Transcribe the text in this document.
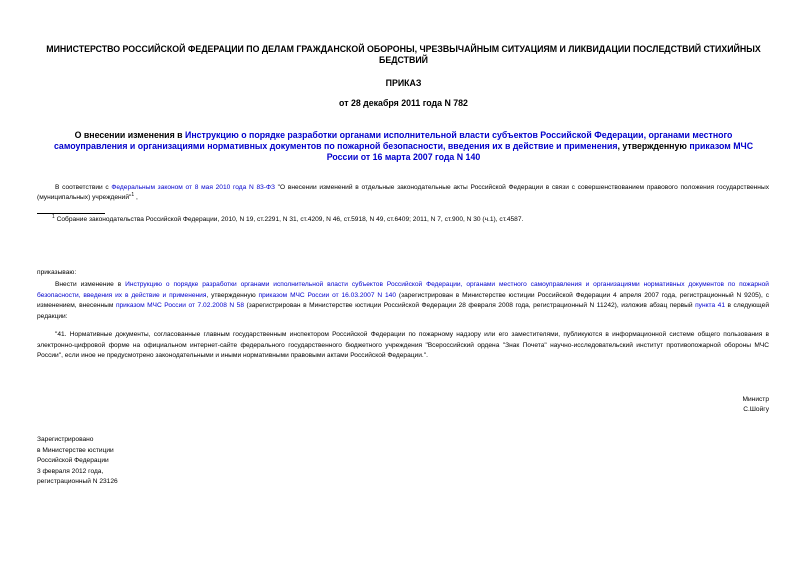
МИНИСТЕРСТВО РОССИЙСКОЙ ФЕДЕРАЦИИ ПО ДЕЛАМ ГРАЖДАНСКОЙ ОБОРОНЫ, ЧРЕЗВЫЧАЙНЫМ СИТУАЦИЯМ И ЛИКВИДАЦИИ ПОСЛЕДСТВИЙ СТИХИЙНЫХ БЕДСТВИЙ
ПРИКАЗ
от 28 декабря 2011 года N 782
О внесении изменения в Инструкцию о порядке разработки органами исполнительной власти субъектов Российской Федерации, органами местного самоуправления и организациями нормативных документов по пожарной безопасности, введения их в действие и применения, утвержденную приказом МЧС России от 16 марта 2007 года N 140
В соответствии с Федеральным законом от 8 мая 2010 года N 83-ФЗ "О внесении изменений в отдельные законодательные акты Российской Федерации в связи с совершенствованием правового положения государственных (муниципальных) учреждений"$^1$ ,
$^1$ Собрание законодательства Российской Федерации, 2010, N 19, ст.2291, N 31, ст.4209, N 46, ст.5918, N 49, ст.6409; 2011, N 7, ст.900, N 30 (ч.1), ст.4587.
приказываю:
Внести изменение в Инструкцию о порядке разработки органами исполнительной власти субъектов Российской Федерации, органами местного самоуправления и организациями нормативных документов по пожарной безопасности, введения их в действие и применения, утвержденную приказом МЧС России от 16.03.2007 N 140 (зарегистрирован в Министерстве юстиции Российской Федерации 4 апреля 2007 года, регистрационный N 9205), с изменением, внесенным приказом МЧС России от 7.02.2008 N 58 (зарегистрирован в Министерстве юстиции Российской Федерации 28 февраля 2008 года, регистрационный N 11242), изложив абзац первый пункта 41 в следующей редакции:
"41. Нормативные документы, согласованные главным государственным инспектором Российской Федерации по пожарному надзору или его заместителями, публикуются в информационной системе общего пользования в электронно-цифровой форме на официальном интернет-сайте федерального государственного бюджетного учреждения "Всероссийский ордена "Знак Почета" научно-исследовательский институт противопожарной обороны МЧС России", если иное не предусмотрено законодательными и иными нормативными правовыми актами Российской Федерации.".
Министр
С.Шойгу
Зарегистрировано
в Министерстве юстиции
Российской Федерации
3 февраля 2012 года,
регистрационный N 23126
